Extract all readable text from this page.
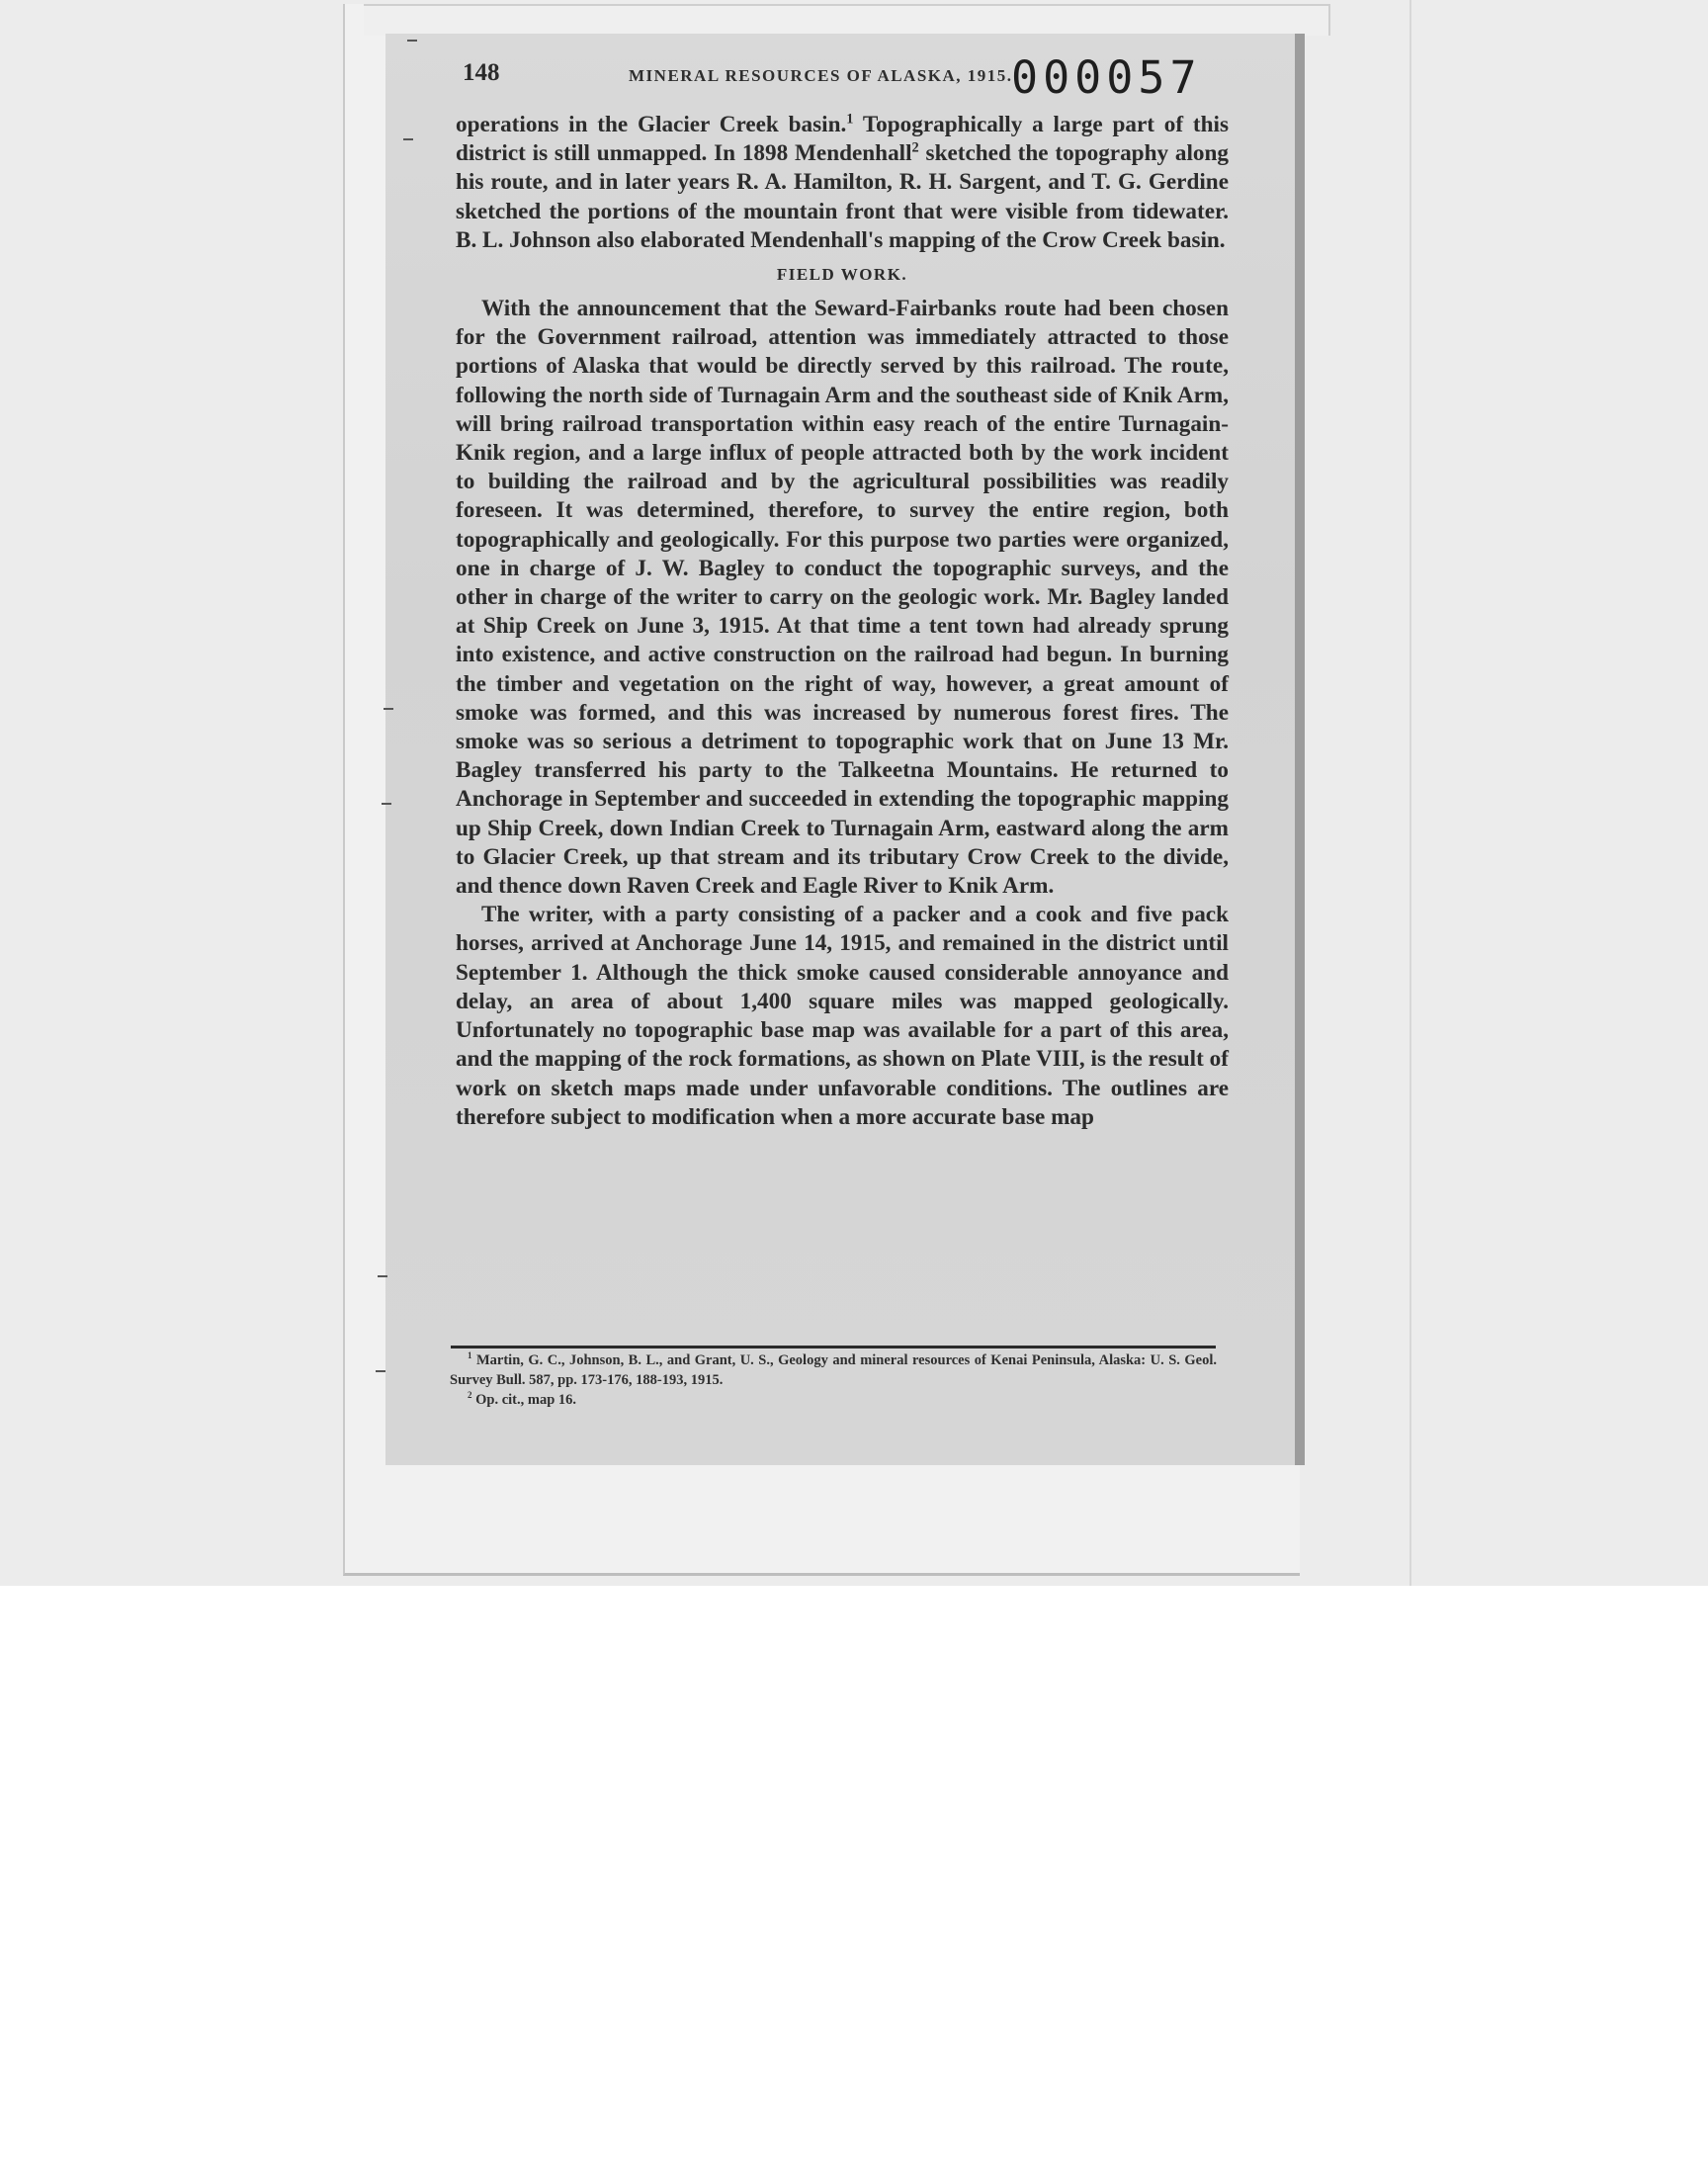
148	MINERAL RESOURCES OF ALASKA, 1915.
000057

operations in the Glacier Creek basin.$^1$ Topographically a large part of this district is still unmapped. In 1898 Mendenhall$^2$ sketched the topography along his route, and in later years R. A. Hamilton, R. H. Sargent, and T. G. Gerdine sketched the portions of the mountain front that were visible from tidewater. B. L. Johnson also elaborated Mendenhall's mapping of the Crow Creek basin.

FIELD WORK.

With the announcement that the Seward-Fairbanks route had been chosen for the Government railroad, attention was immediately attracted to those portions of Alaska that would be directly served by this railroad. The route, following the north side of Turnagain Arm and the southeast side of Knik Arm, will bring railroad transportation within easy reach of the entire Turnagain-Knik region, and a large influx of people attracted both by the work incident to building the railroad and by the agricultural possibilities was readily foreseen. It was determined, therefore, to survey the entire region, both topographically and geologically. For this purpose two parties were organized, one in charge of J. W. Bagley to conduct the topographic surveys, and the other in charge of the writer to carry on the geologic work. Mr. Bagley landed at Ship Creek on June 3, 1915. At that time a tent town had already sprung into existence, and active construction on the railroad had begun. In burning the timber and vegetation on the right of way, however, a great amount of smoke was formed, and this was increased by numerous forest fires. The smoke was so serious a detriment to topographic work that on June 13 Mr. Bagley transferred his party to the Talkeetna Mountains. He returned to Anchorage in September and succeeded in extending the topographic mapping up Ship Creek, down Indian Creek to Turnagain Arm, eastward along the arm to Glacier Creek, up that stream and its tributary Crow Creek to the divide, and thence down Raven Creek and Eagle River to Knik Arm.

The writer, with a party consisting of a packer and a cook and five pack horses, arrived at Anchorage June 14, 1915, and remained in the district until September 1. Although the thick smoke caused considerable annoyance and delay, an area of about 1,400 square miles was mapped geologically. Unfortunately no topographic base map was available for a part of this area, and the mapping of the rock formations, as shown on Plate VIII, is the result of work on sketch maps made under unfavorable conditions. The outlines are therefore subject to modification when a more accurate base map

$^1$ Martin, G. C., Johnson, B. L., and Grant, U. S., Geology and mineral resources of Kenai Peninsula, Alaska: U. S. Geol. Survey Bull. 587, pp. 173-176, 188-193, 1915.

$^2$ Op. cit., map 16.
